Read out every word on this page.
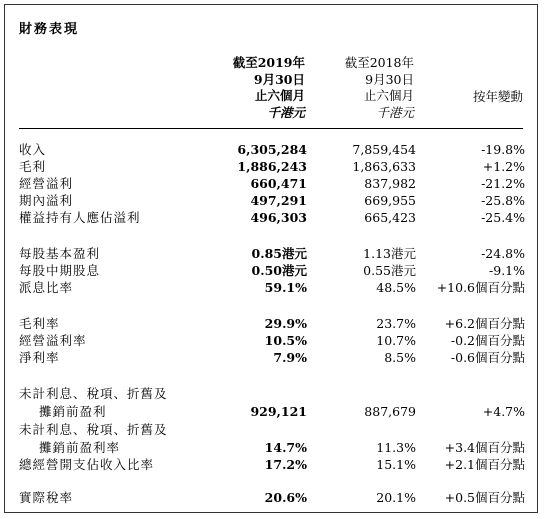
財務表現
截至2019年
9月30日
止六個月
千港元
截至2018年
9月30日
止六個月
千港元
按年變動
收入	6,305,284	7,859,454	-19.8%
毛利	1,886,243	1,863,633	+1.2%
經營溢利	660,471	837,982	-21.2%
期內溢利	497,291	669,955	-25.8%
權益持有人應佔溢利	496,303	665,423	-25.4%
每股基本盈利	0.85港元	1.13港元	-24.8%
每股中期股息	0.50港元	0.55港元	-9.1%
派息比率	59.1%	48.5% +10.6個百分點
毛利率	29.9%	23.7% +6.2個百分點
經營溢利率	10.5%	10.7%	-0.2個百分點
淨利率	7.9%	8.5%	-0.6個百分點
未計利息、稅項、折舊及
攤銷前盈利	929,121	887,679	+4.7%
未計利息、稅項、折舊及
攤銷前盈利率	14.7%	11.3% +3.4個百分點
總經營開支佔收入比率	17.2%	15.1% +2.1個百分點
實際稅率	20.6%	20.1% +0.5個百分點
